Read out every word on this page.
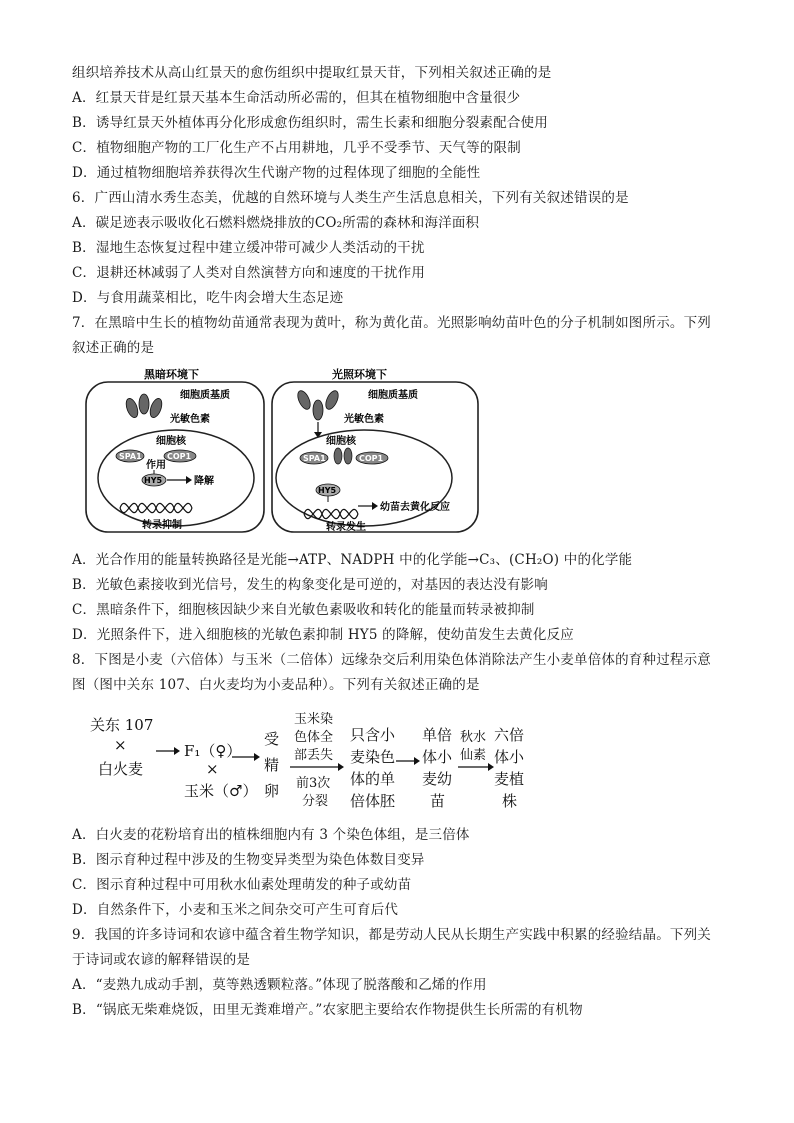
组织培养技术从高山红景天的愈伤组织中提取红景天苷，下列相关叙述正确的是
A．红景天苷是红景天基本生命活动所必需的，但其在植物细胞中含量很少
B．诱导红景天外植体再分化形成愈伤组织时，需生长素和细胞分裂素配合使用
C．植物细胞产物的工厂化生产不占用耕地，几乎不受季节、天气等的限制
D．通过植物细胞培养获得次生代谢产物的过程体现了细胞的全能性
6．广西山清水秀生态美，优越的自然环境与人类生产生活息息相关，下列有关叙述错误的是
A．碳足迹表示吸收化石燃料燃烧排放的CO₂所需的森林和海洋面积
B．湿地生态恢复过程中建立缓冲带可减少人类活动的干扰
C．退耕还林减弱了人类对自然演替方向和速度的干扰作用
D．与食用蔬菜相比，吃牛肉会增大生态足迹
7．在黑暗中生长的植物幼苗通常表现为黄叶，称为黄化苗。光照影响幼苗叶色的分子机制如图所示。下列
叙述正确的是
黑暗环境下
细胞质基质
光敏色素
细胞核
SPA1	COP1
作用
HY5	降解
转录抑制
光照环境下
细胞质基质
光敏色素
细胞核
SPA1	COP1
HY5
幼苗去黄化反应
转录发生
A．光合作用的能量转换路径是光能→ATP、NADPH 中的化学能→C₃、(CH₂O) 中的化学能
B．光敏色素接收到光信号，发生的构象变化是可逆的，对基因的表达没有影响
C．黑暗条件下，细胞核因缺少来自光敏色素吸收和转化的能量而转录被抑制
D．光照条件下，进入细胞核的光敏色素抑制 HY5 的降解，使幼苗发生去黄化反应
8．下图是小麦（六倍体）与玉米（二倍体）远缘杂交后利用染色体消除法产生小麦单倍体的育种过程示意
图（图中关东 107、白火麦均为小麦品种）。下列有关叙述正确的是
关东 107
×
白火麦
F₁（♀）
×
玉米（♂）
受
精
卵
玉米染
色体全
部丢失
前3次
分裂
只含小
麦染色
体的单
倍体胚
单倍
体小
麦幼
苗
秋水
仙素
六倍
体小
麦植
株
A．白火麦的花粉培育出的植株细胞内有 3 个染色体组，是三倍体
B．图示育种过程中涉及的生物变异类型为染色体数目变异
C．图示育种过程中可用秋水仙素处理萌发的种子或幼苗
D．自然条件下，小麦和玉米之间杂交可产生可育后代
9．我国的许多诗词和农谚中蕴含着生物学知识，都是劳动人民从长期生产实践中积累的经验结晶。下列关
于诗词或农谚的解释错误的是
A．“麦熟九成动手割，莫等熟透颗粒落。”体现了脱落酸和乙烯的作用
B．“锅底无柴难烧饭，田里无粪难增产。”农家肥主要给农作物提供生长所需的有机物
